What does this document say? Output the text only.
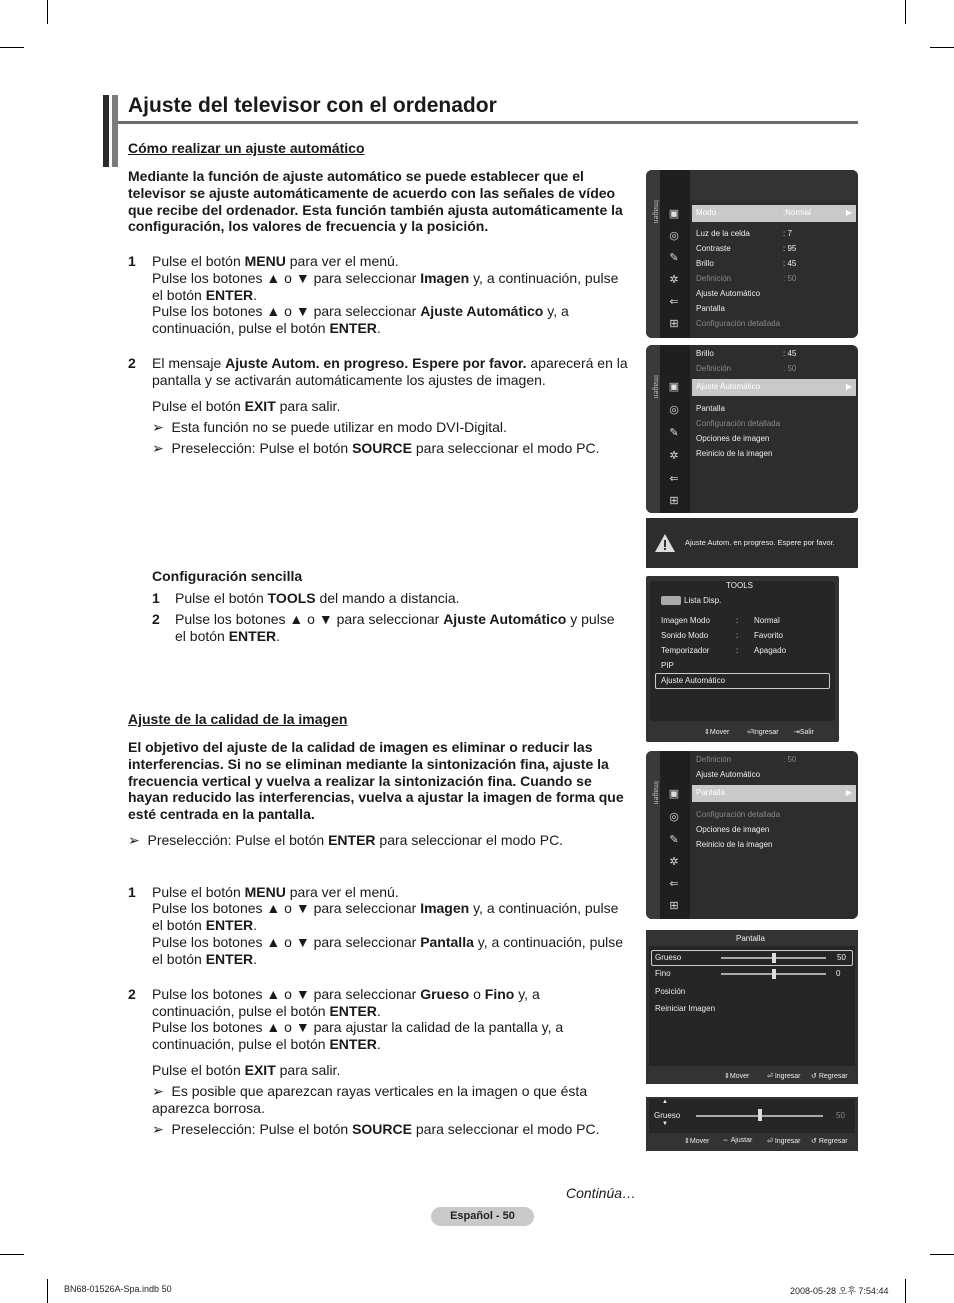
Ajuste del televisor con el ordenador
Cómo realizar un ajuste automático
Mediante la función de ajuste automático se puede establecer que el televisor se ajuste automáticamente de acuerdo con las señales de vídeo que recibe del ordenador. Esta función también ajusta automáticamente la configuración, los valores de frecuencia y la posición.
1 Pulse el botón MENU para ver el menú.
Pulse los botones ▲ o ▼ para seleccionar Imagen y, a continuación, pulse el botón ENTER.
Pulse los botones ▲ o ▼ para seleccionar Ajuste Automático y, a continuación, pulse el botón ENTER.
2 El mensaje Ajuste Autom. en progreso. Espere por favor. aparecerá en la pantalla y se activarán automáticamente los ajustes de imagen.
Pulse el botón EXIT para salir.
➢ Esta función no se puede utilizar en modo DVI-Digital.
➢ Preselección: Pulse el botón SOURCE para seleccionar el modo PC.
Configuración sencilla
1 Pulse el botón TOOLS del mando a distancia.
2 Pulse los botones ▲ o ▼ para seleccionar Ajuste Automático y pulse el botón ENTER.
Ajuste de la calidad de la imagen
El objetivo del ajuste de la calidad de imagen es eliminar o reducir las interferencias. Si no se eliminan mediante la sintonización fina, ajuste la frecuencia vertical y vuelva a realizar la sintonización fina. Cuando se hayan reducido las interferencias, vuelva a ajustar la imagen de forma que esté centrada en la pantalla.
➢ Preselección: Pulse el botón ENTER para seleccionar el modo PC.
1 Pulse el botón MENU para ver el menú.
Pulse los botones ▲ o ▼ para seleccionar Imagen y, a continuación, pulse el botón ENTER.
Pulse los botones ▲ o ▼ para seleccionar Pantalla y, a continuación, pulse el botón ENTER.
2 Pulse los botones ▲ o ▼ para seleccionar Grueso o Fino y, a continuación, pulse el botón ENTER.
Pulse los botones ▲ o ▼ para ajustar la calidad de la pantalla y, a continuación, pulse el botón ENTER.
Pulse el botón EXIT para salir.
➢ Es posible que aparezcan rayas verticales en la imagen o que ésta aparezca borrosa.
➢ Preselección: Pulse el botón SOURCE para seleccionar el modo PC.
Continúa…
Imagen ▣
◎
✎
✲
⇐
⊞
Modo	:Normal	▶
Luz de la celda	: 7
Contraste	: 95
Brillo	: 45
Definición	: 50
Ajuste Automático
Pantalla
Configuración detallada
Imagen ▣
◎
✎
✲
⇐
⊞
Ajuste Automático	▶
Brillo	: 45
Definición	: 50
Pantalla
Configuración detallada
Opciones de imagen
Reinicio de la imagen
Ajuste Autom. en progreso. Espere por favor.
TOOLS
Lista Disp.
Imagen Modo	: Normal
Sonido Modo	: Favorito
Temporizador	: Apagado
PIP
Ajuste Automático
⇕Mover	⏎Ingresar ⇥Salir
Imagen ▣
◎
✎
✲
⇐
⊞
Pantalla	▶
Definición	: 50
Ajuste Automático
Configuración detallada
Opciones de imagen
Reinicio de la imagen
Pantalla
Grueso	50
Fino	0
Posición
Reiniciar Imagen
⇕Mover	⏎ Ingresar ↺ Regresar
▲
Grueso
▼
50
⇕Mover ⇔ Ajustar ⏎ Ingresar ↺ Regresar
Español - 50
BN68-01526A-Spa.indb 50	2008-05-28 오후 7:54:44
